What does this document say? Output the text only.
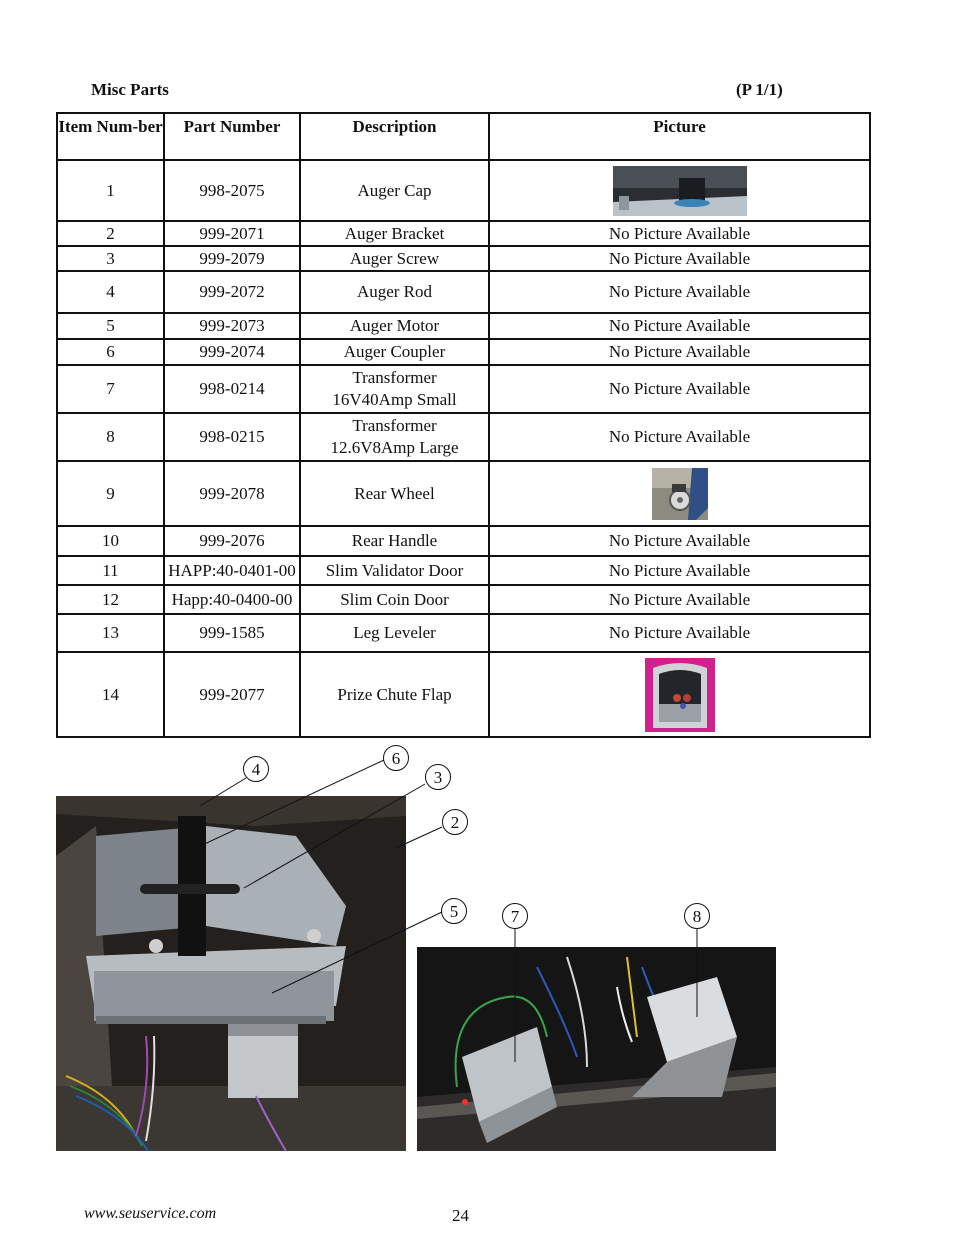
Misc Parts	(P 1/1)
Item Num-ber	Part Number	Description	Picture
1	998-2075	Auger Cap	
2	999-2071	Auger Bracket	No Picture Available
3	999-2079	Auger Screw	No Picture Available
4	999-2072	Auger Rod	No Picture Available
5	999-2073	Auger Motor	No Picture Available
6	999-2074	Auger Coupler	No Picture Available
7	998-0214	Transformer
16V40Amp Small	No Picture Available
8	998-0215	Transformer
12.6V8Amp Large	No Picture Available
9	999-2078	Rear Wheel	
10	999-2076	Rear Handle	No Picture Available
11	HAPP:40-0401-00	Slim Validator Door	No Picture Available
12	Happ:40-0400-00	Slim Coin Door	No Picture Available
13	999-1585	Leg Leveler	No Picture Available
14	999-2077	Prize Chute Flap	
4
6
3
2
5	7	8
www.seuservice.com	24
